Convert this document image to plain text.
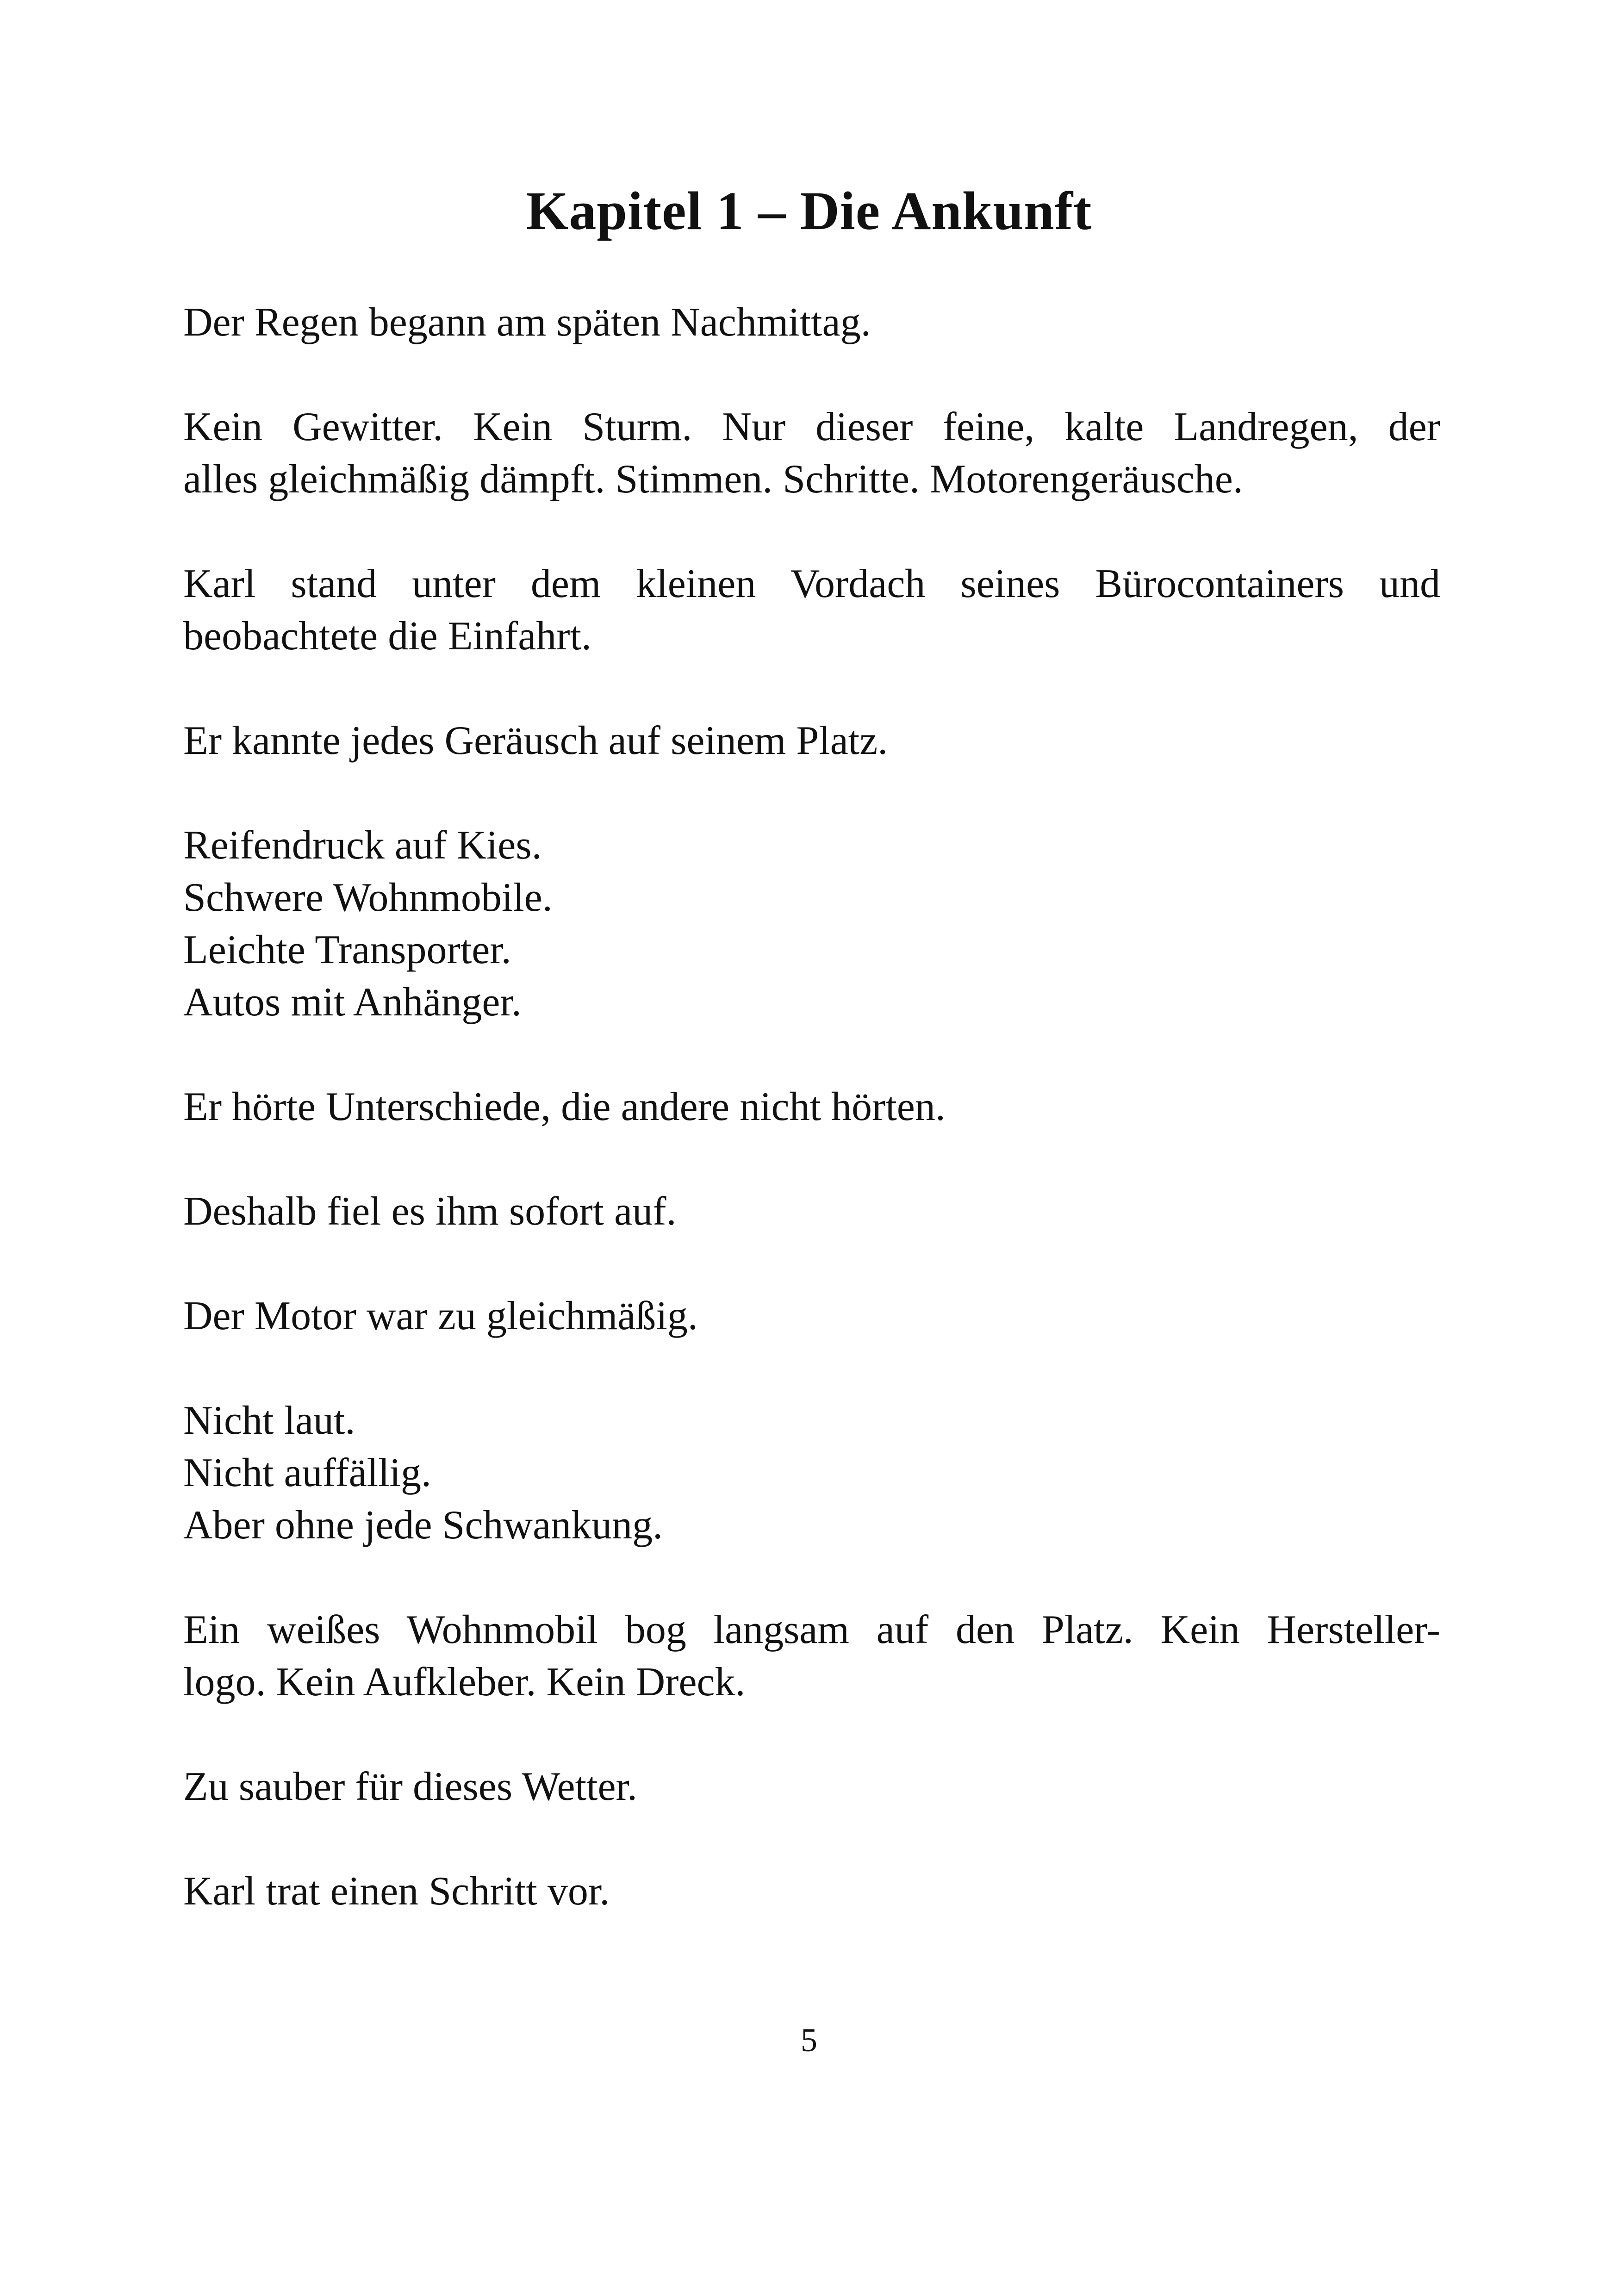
Kapitel 1 – Die Ankunft

Der Regen begann am späten Nachmittag.

Kein Gewitter. Kein Sturm. Nur dieser feine, kalte Landregen, der
alles gleichmäßig dämpft. Stimmen. Schritte. Motorengeräusche.

Karl stand unter dem kleinen Vordach seines Bürocontainers und
beobachtete die Einfahrt.

Er kannte jedes Geräusch auf seinem Platz.

Reifendruck auf Kies.
Schwere Wohnmobile.
Leichte Transporter.
Autos mit Anhänger.

Er hörte Unterschiede, die andere nicht hörten.

Deshalb fiel es ihm sofort auf.

Der Motor war zu gleichmäßig.

Nicht laut.
Nicht auffällig.
Aber ohne jede Schwankung.

Ein weißes Wohnmobil bog langsam auf den Platz. Kein Hersteller-
logo. Kein Aufkleber. Kein Dreck.

Zu sauber für dieses Wetter.

Karl trat einen Schritt vor.

5
